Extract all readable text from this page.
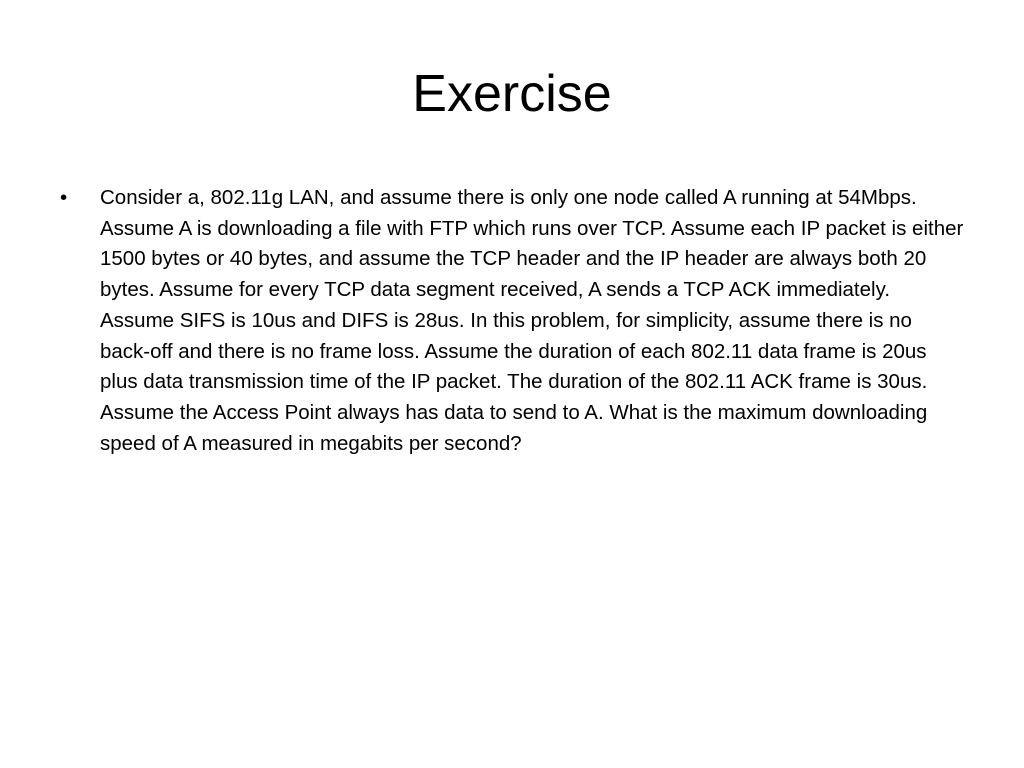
Exercise
•	Consider a, 802.11g LAN, and assume there is only one node called A running at 54Mbps. Assume A is downloading a file with FTP which runs over TCP. Assume each IP packet is either 1500 bytes or 40 bytes, and assume the TCP header and the IP header are always both 20 bytes. Assume for every TCP data segment received, A sends a TCP ACK immediately. Assume SIFS is 10us and DIFS is 28us. In this problem, for simplicity, assume there is no back-off and there is no frame loss. Assume the duration of each 802.11 data frame is 20us plus data transmission time of the IP packet. The duration of the 802.11 ACK frame is 30us. Assume the Access Point always has data to send to A. What is the maximum downloading speed of A measured in megabits per second?
